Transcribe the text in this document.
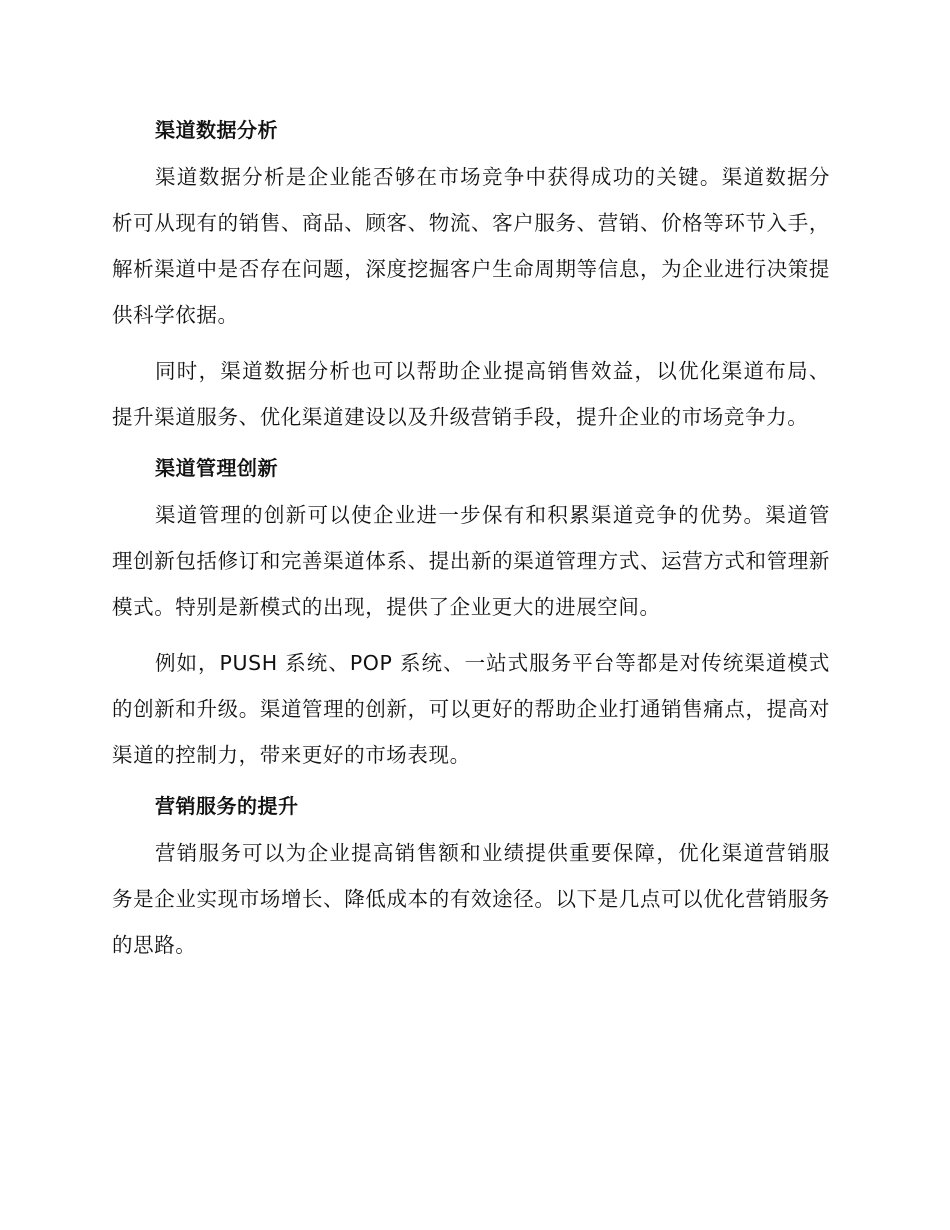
渠道数据分析

渠道数据分析是企业能否够在市场竞争中获得成功的关键。渠道数据分析可从现有的销售、商品、顾客、物流、客户服务、营销、价格等环节入手，解析渠道中是否存在问题，深度挖掘客户生命周期等信息，为企业进行决策提供科学依据。

同时，渠道数据分析也可以帮助企业提高销售效益，以优化渠道布局、提升渠道服务、优化渠道建设以及升级营销手段，提升企业的市场竞争力。

渠道管理创新

渠道管理的创新可以使企业进一步保有和积累渠道竞争的优势。渠道管理创新包括修订和完善渠道体系、提出新的渠道管理方式、运营方式和管理新模式。特别是新模式的出现，提供了企业更大的进展空间。

例如，PUSH 系统、POP 系统、一站式服务平台等都是对传统渠道模式的创新和升级。渠道管理的创新，可以更好的帮助企业打通销售痛点，提高对渠道的控制力，带来更好的市场表现。

营销服务的提升

营销服务可以为企业提高销售额和业绩提供重要保障，优化渠道营销服务是企业实现市场增长、降低成本的有效途径。以下是几点可以优化营销服务的思路。
